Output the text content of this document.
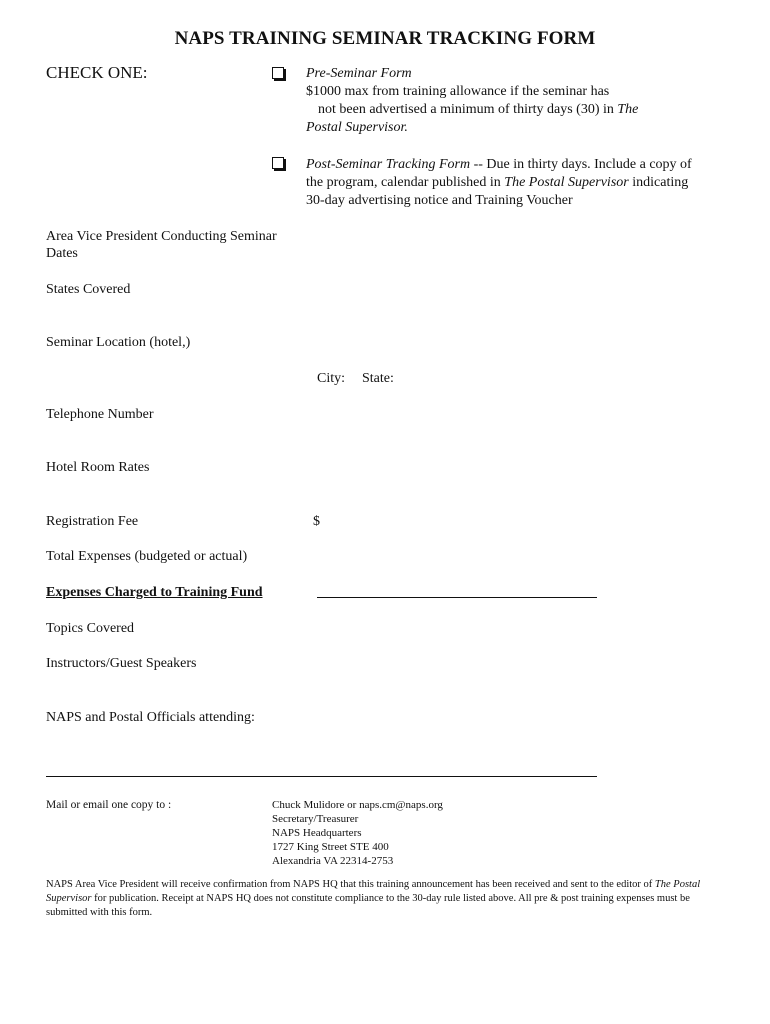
NAPS TRAINING SEMINAR TRACKING FORM
CHECK ONE:	Pre-Seminar Form
$1000 max from training allowance if the seminar has
not been advertised a minimum of thirty days (30) in The
Postal Supervisor.
Post-Seminar Tracking Form -- Due in thirty days. Include a copy of
the program, calendar published in The Postal Supervisor indicating
30-day advertising notice and Training Voucher
Area Vice President Conducting Seminar
Dates
States Covered
Seminar Location (hotel,)
City: State:
Telephone Number
Hotel Room Rates
Registration Fee	$
Total Expenses (budgeted or actual)
Expenses Charged to Training Fund
Topics Covered
Instructors/Guest Speakers
NAPS and Postal Officials attending:
Mail or email one copy to :	Chuck Mulidore or naps.cm@naps.org
Secretary/Treasurer
NAPS Headquarters
1727 King Street STE 400
Alexandria VA 22314-2753
NAPS Area Vice President will receive confirmation from NAPS HQ that this training announcement has been received and sent to the editor of The Postal Supervisor for publication. Receipt at NAPS HQ does not constitute compliance to the 30-day rule listed above. All pre & post training expenses must be submitted with this form.
